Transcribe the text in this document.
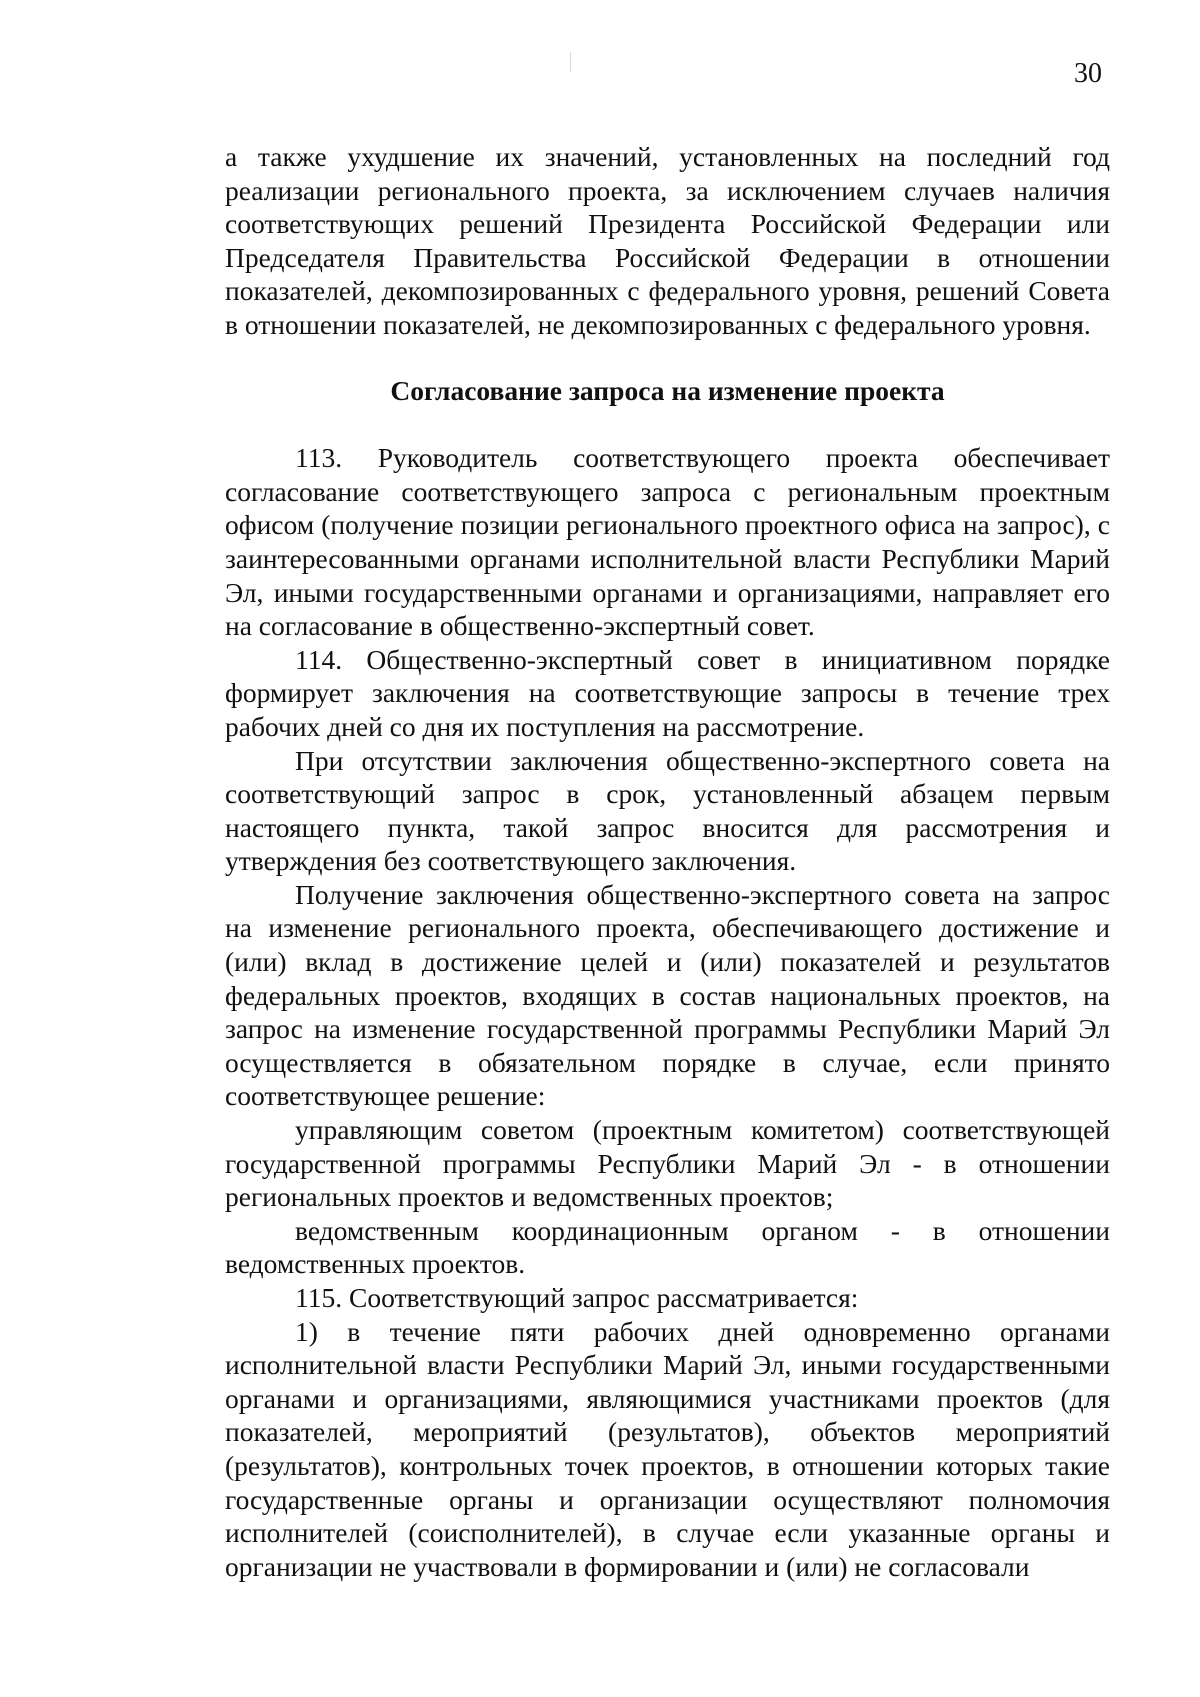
30

а также ухудшение их значений, установленных на последний год реализации регионального проекта, за исключением случаев наличия соответствующих решений Президента Российской Федерации или Председателя Правительства Российской Федерации в отношении показателей, декомпозированных с федерального уровня, решений Совета в отношении показателей, не декомпозированных с федерального уровня.

Согласование запроса на изменение проекта

113. Руководитель соответствующего проекта обеспечивает согласование соответствующего запроса с региональным проектным офисом (получение позиции регионального проектного офиса на запрос), с заинтересованными органами исполнительной власти Республики Марий Эл, иными государственными органами и организациями, направляет его на согласование в общественно-экспертный совет.

114. Общественно-экспертный совет в инициативном порядке формирует заключения на соответствующие запросы в течение трех рабочих дней со дня их поступления на рассмотрение.

При отсутствии заключения общественно-экспертного совета на соответствующий запрос в срок, установленный абзацем первым настоящего пункта, такой запрос вносится для рассмотрения и утверждения без соответствующего заключения.

Получение заключения общественно-экспертного совета на запрос на изменение регионального проекта, обеспечивающего достижение и (или) вклад в достижение целей и (или) показателей и результатов федеральных проектов, входящих в состав национальных проектов, на запрос на изменение государственной программы Республики Марий Эл осуществляется в обязательном порядке в случае, если принято соответствующее решение:

управляющим советом (проектным комитетом) соответствующей государственной программы Республики Марий Эл - в отношении региональных проектов и ведомственных проектов;

ведомственным координационным органом - в отношении ведомственных проектов.

115. Соответствующий запрос рассматривается:

1) в течение пяти рабочих дней одновременно органами исполнительной власти Республики Марий Эл, иными государственными органами и организациями, являющимися участниками проектов (для показателей, мероприятий (результатов), объектов мероприятий (результатов), контрольных точек проектов, в отношении которых такие государственные органы и организации осуществляют полномочия исполнителей (соисполнителей), в случае если указанные органы и организации не участвовали в формировании и (или) не согласовали
